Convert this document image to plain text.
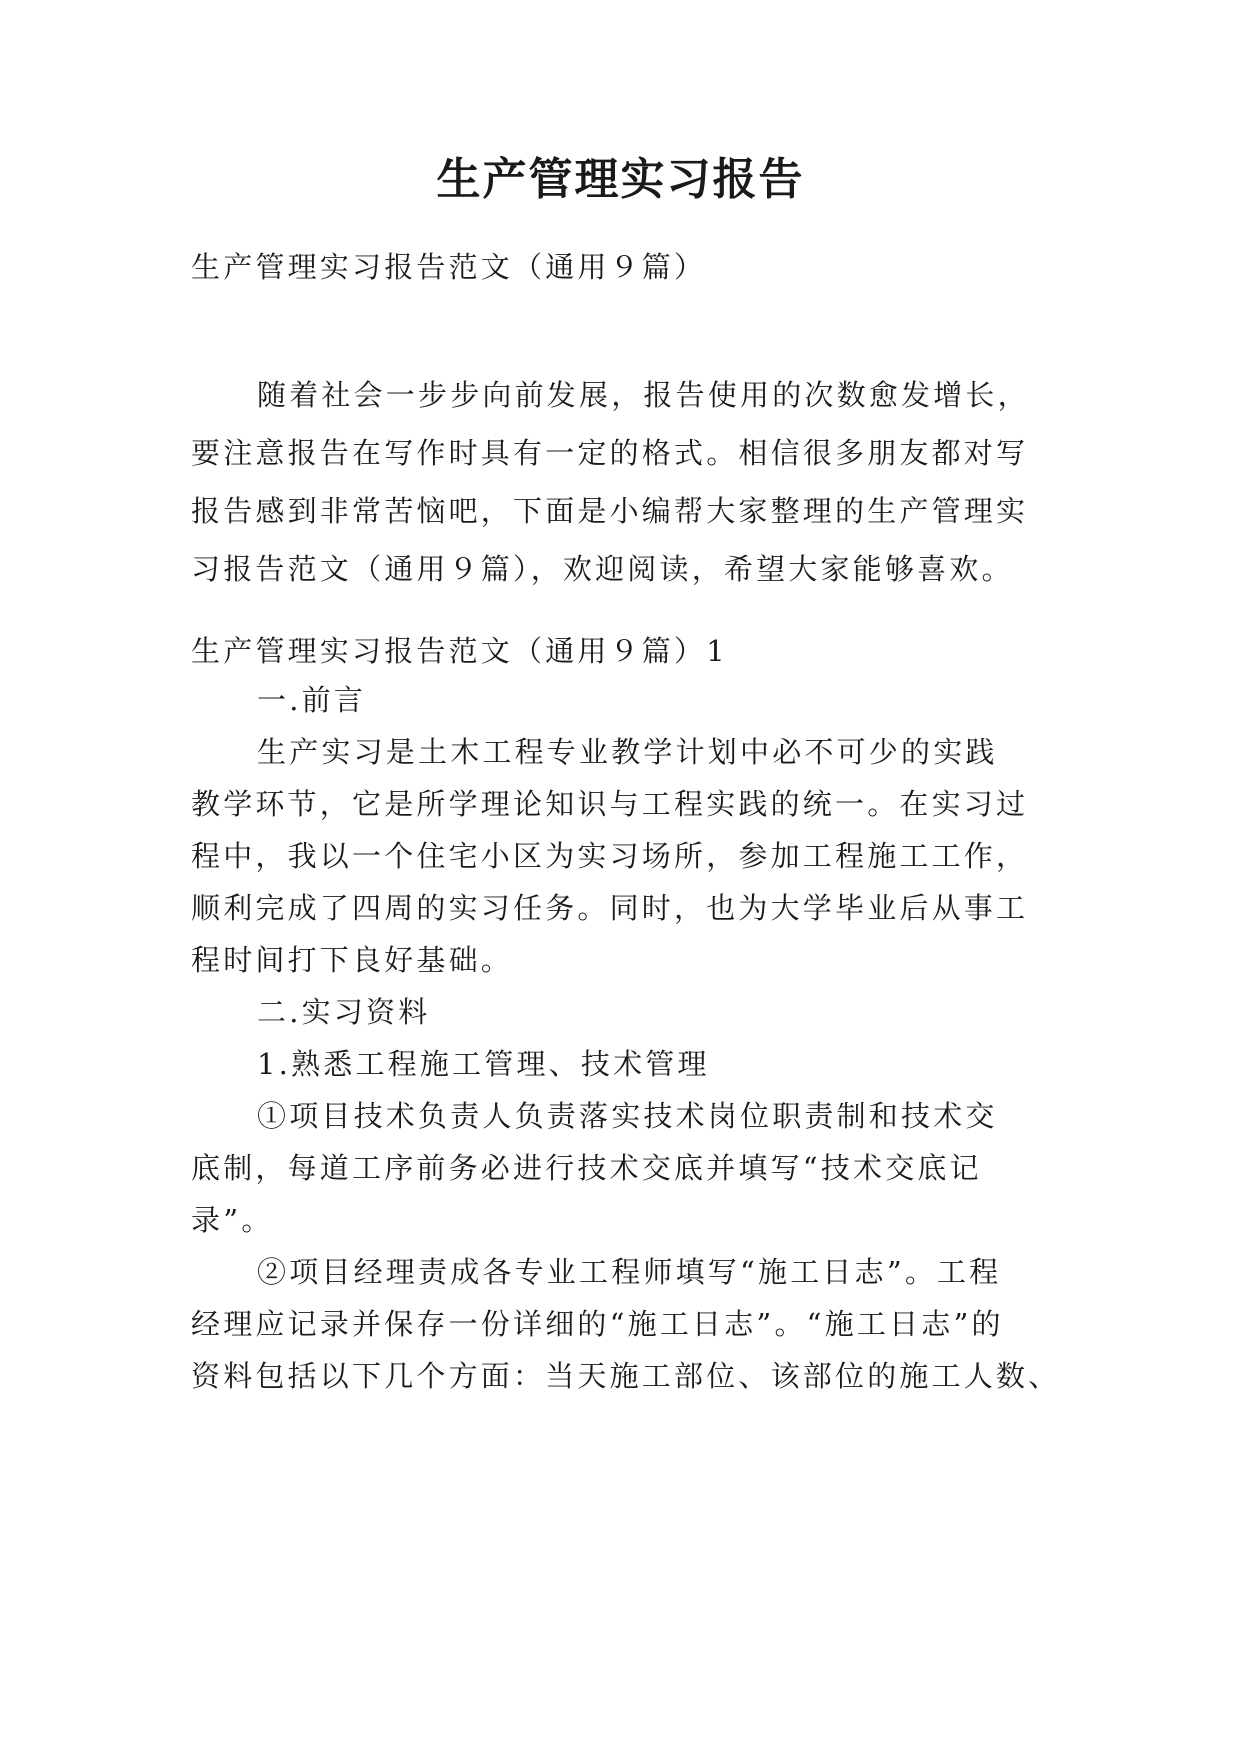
生产管理实习报告

生产管理实习报告范文（通用９篇）

随着社会一步步向前发展，报告使用的次数愈发增长，
要注意报告在写作时具有一定的格式。相信很多朋友都对写
报告感到非常苦恼吧，下面是小编帮大家整理的生产管理实
习报告范文（通用９篇），欢迎阅读，希望大家能够喜欢。

生产管理实习报告范文（通用９篇）1

一.前言
生产实习是土木工程专业教学计划中必不可少的实践
教学环节，它是所学理论知识与工程实践的统一。在实习过
程中，我以一个住宅小区为实习场所，参加工程施工工作，
顺利完成了四周的实习任务。同时，也为大学毕业后从事工
程时间打下良好基础。
二.实习资料
1.熟悉工程施工管理、技术管理
①项目技术负责人负责落实技术岗位职责制和技术交
底制，每道工序前务必进行技术交底并填写“技术交底记
录”。
②项目经理责成各专业工程师填写“施工日志”。工程
经理应记录并保存一份详细的“施工日志”。“施工日志”的
资料包括以下几个方面：当天施工部位、该部位的施工人数、
